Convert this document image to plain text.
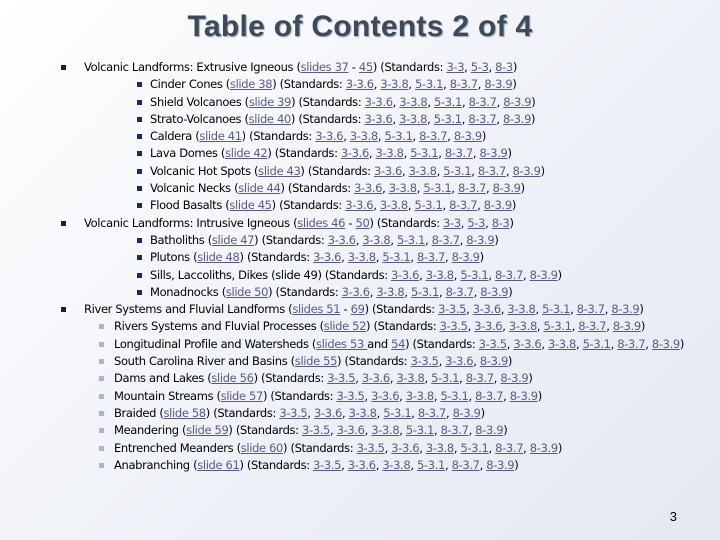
Table of Contents 2 of 4
Volcanic Landforms: Extrusive Igneous (slides 37 - 45) (Standards: 3-3, 5-3, 8-3)
Cinder Cones (slide 38) (Standards: 3-3.6, 3-3.8, 5-3.1, 8-3.7, 8-3.9)
Shield Volcanoes (slide 39) (Standards: 3-3.6, 3-3.8, 5-3.1, 8-3.7, 8-3.9)
Strato-Volcanoes (slide 40) (Standards: 3-3.6, 3-3.8, 5-3.1, 8-3.7, 8-3.9)
Caldera (slide 41) (Standards: 3-3.6, 3-3.8, 5-3.1, 8-3.7, 8-3.9)
Lava Domes (slide 42) (Standards: 3-3.6, 3-3.8, 5-3.1, 8-3.7, 8-3.9)
Volcanic Hot Spots (slide 43) (Standards: 3-3.6, 3-3.8, 5-3.1, 8-3.7, 8-3.9)
Volcanic Necks (slide 44) (Standards: 3-3.6, 3-3.8, 5-3.1, 8-3.7, 8-3.9)
Flood Basalts (slide 45) (Standards: 3-3.6, 3-3.8, 5-3.1, 8-3.7, 8-3.9)
Volcanic Landforms: Intrusive Igneous (slides 46 - 50) (Standards: 3-3, 5-3, 8-3)
Batholiths (slide 47) (Standards: 3-3.6, 3-3.8, 5-3.1, 8-3.7, 8-3.9)
Plutons (slide 48) (Standards: 3-3.6, 3-3.8, 5-3.1, 8-3.7, 8-3.9)
Sills, Laccoliths, Dikes (slide 49) (Standards: 3-3.6, 3-3.8, 5-3.1, 8-3.7, 8-3.9)
Monadnocks (slide 50) (Standards: 3-3.6, 3-3.8, 5-3.1, 8-3.7, 8-3.9)
River Systems and Fluvial Landforms (slides 51 - 69) (Standards: 3-3.5, 3-3.6, 3-3.8, 5-3.1, 8-3.7, 8-3.9)
Rivers Systems and Fluvial Processes (slide 52) (Standards: 3-3.5, 3-3.6, 3-3.8, 5-3.1, 8-3.7, 8-3.9)
Longitudinal Profile and Watersheds (slides 53 and 54) (Standards: 3-3.5, 3-3.6, 3-3.8, 5-3.1, 8-3.7, 8-3.9)
South Carolina River and Basins (slide 55) (Standards: 3-3.5, 3-3.6, 8-3.9)
Dams and Lakes (slide 56) (Standards: 3-3.5, 3-3.6, 3-3.8, 5-3.1, 8-3.7, 8-3.9)
Mountain Streams (slide 57) (Standards: 3-3.5, 3-3.6, 3-3.8, 5-3.1, 8-3.7, 8-3.9)
Braided (slide 58) (Standards: 3-3.5, 3-3.6, 3-3.8, 5-3.1, 8-3.7, 8-3.9)
Meandering (slide 59) (Standards: 3-3.5, 3-3.6, 3-3.8, 5-3.1, 8-3.7, 8-3.9)
Entrenched Meanders (slide 60) (Standards: 3-3.5, 3-3.6, 3-3.8, 5-3.1, 8-3.7, 8-3.9)
Anabranching (slide 61) (Standards: 3-3.5, 3-3.6, 3-3.8, 5-3.1, 8-3.7, 8-3.9)
3
